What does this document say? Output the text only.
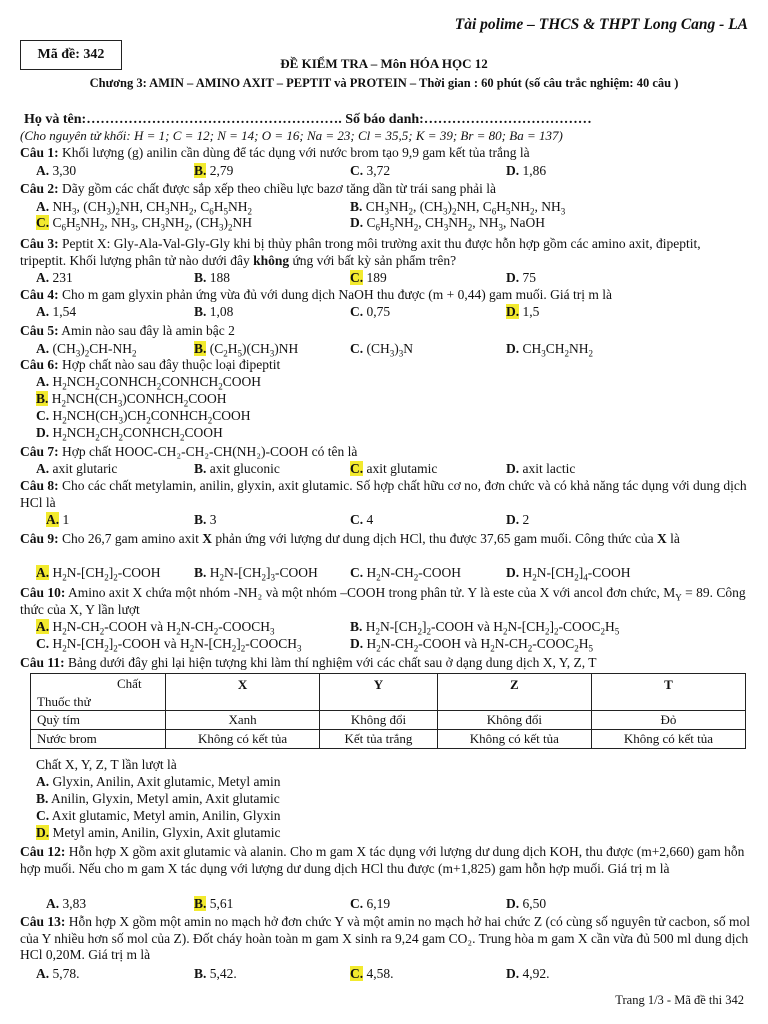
Tài polime – THCS & THPT Long Cang - LA
Mã đề: 342
ĐỀ KIỂM TRA – Môn HÓA HỌC 12
Chương 3: AMIN – AMINO AXIT – PEPTIT và PROTEIN – Thời gian : 60 phút (số câu trắc nghiệm: 40 câu )
Họ và tên:………………………………………………. Số báo danh:………………………………
(Cho nguyên tử khối: H = 1; C = 12; N = 14; O = 16; Na = 23; Cl = 35,5; K = 39; Br = 80; Ba = 137)
Câu 1: Khối lượng (g) anilin cần dùng để tác dụng với nước brom tạo 9,9 gam kết tủa trắng là
A. 3,30	B. 2,79	C. 3,72	D. 1,86
Câu 2: Dãy gồm các chất được sắp xếp theo chiều lực bazơ tăng dần từ trái sang phải là
A. $NH_3$, $(CH_3)_2NH$, $CH_3NH_2$, $C_6H_5NH_2$	B. $CH_3NH_2$, $(CH_3)_2NH$, $C_6H_5NH_2$, $NH_3$
C. $C_6H_5NH_2$, $NH_3$, $CH_3NH_2$, $(CH_3)_2NH$	D. $C_6H_5NH_2$, $CH_3NH_2$, $NH_3$, NaOH
Câu 3: Peptit X: Gly-Ala-Val-Gly-Gly khi bị thủy phân trong môi trường axit thu được hỗn hợp gồm các amino axit, đipeptit, tripeptit. Khối lượng phân tử nào dưới đây không ứng với bất kỳ sản phẩm trên?
A. 231	B. 188	C. 189	D. 75
Câu 4: Cho m gam glyxin phản ứng vừa đủ với dung dịch NaOH thu được (m + 0,44) gam muối. Giá trị m là
A. 1,54	B. 1,08	C. 0,75	D. 1,5
Câu 5: Amin nào sau đây là amin bậc 2
A. $(CH_3)_2CH-NH_2$	B. $(C_2H_5)(CH_3)NH$	C. $(CH_3)_3N$	D. $CH_3CH_2NH_2$
Câu 6: Hợp chất nào sau đây thuộc loại đipeptit
A. $H_2NCH_2CONHCH_2CONHCH_2COOH$
B. $H_2NCH(CH_3)CONHCH_2COOH$
C. $H_2NCH(CH_3)CH_2CONHCH_2COOH$
D. $H_2NCH_2CH_2CONHCH_2COOH$
Câu 7: Hợp chất HOOC-CH₂-CH₂-CH(NH₂)-COOH có tên là
A. axit glutaric	B. axit gluconic	C. axit glutamic	D. axit lactic
Câu 8: Cho các chất metylamin, anilin, glyxin, axit glutamic. Số hợp chất hữu cơ no, đơn chức và có khả năng tác dụng với dung dịch HCl là
A. 1	B. 3	C. 4	D. 2
Câu 9: Cho 26,7 gam amino axit X phản ứng với lượng dư dung dịch HCl, thu được 37,65 gam muối. Công thức của X là
A. $H_2N-[CH_2]_2$-COOH B. $H_2N-[CH_2]_3$-COOH C. $H_2N-CH_2$-COOH	D. $H_2N-[CH_2]_4$-COOH
Câu 10: Amino axit X chứa một nhóm -NH₂ và một nhóm –COOH trong phân tử. Y là este của X với ancol đơn chức, $M_Y = 89$. Công thức của X, Y lần lượt
A. $H_2N-CH_2$-COOH và $H_2N-CH_2-COOCH_3$	B. $H_2N-[CH_2]_2$-COOH và $H_2N-[CH_2]_2-COOC_2H_5$
C. $H_2N-[CH_2]_2$-COOH và $H_2N-[CH_2]_2-COOCH_3$	D. $H_2N-CH_2$-COOH và $H_2N-CH_2-COOC_2H_5$
Câu 11: Bảng dưới đây ghi lại hiện tượng khi làm thí nghiệm với các chất sau ở dạng dung dịch X, Y, Z, T
Chất
Thuốc thử	X	Y	Z	T
Quỳ tím	Xanh	Không đổi	Không đổi	Đỏ
Nước brom	Không có kết tủa	Kết tủa trắng	Không có kết tủa	Không có kết tủa
Chất X, Y, Z, T lần lượt là
A. Glyxin, Anilin, Axit glutamic, Metyl amin
B. Anilin, Glyxin, Metyl amin, Axit glutamic
C. Axit glutamic, Metyl amin, Anilin, Glyxin
D. Metyl amin, Anilin, Glyxin, Axit glutamic
Câu 12: Hỗn hợp X gồm axit glutamic và alanin. Cho m gam X tác dụng với lượng dư dung dịch KOH, thu được (m+2,660) gam hỗn hợp muối. Nếu cho m gam X tác dụng với lượng dư dung dịch HCl thu được (m+1,825) gam hỗn hợp muối. Giá trị m là
A. 3,83	B. 5,61	C. 6,19	D. 6,50
Câu 13: Hỗn hợp X gồm một amin no mạch hở đơn chức Y và một amin no mạch hở hai chức Z (có cùng số nguyên tử cacbon, số mol của Y nhiều hơn số mol của Z). Đốt cháy hoàn toàn m gam X sinh ra 9,24 gam CO₂. Trung hòa m gam X cần vừa đủ 500 ml dung dịch HCl 0,20M. Giá trị m là
A. 5,78.	B. 5,42.	C. 4,58.	D. 4,92.
Trang 1/3 - Mã đề thi 342
